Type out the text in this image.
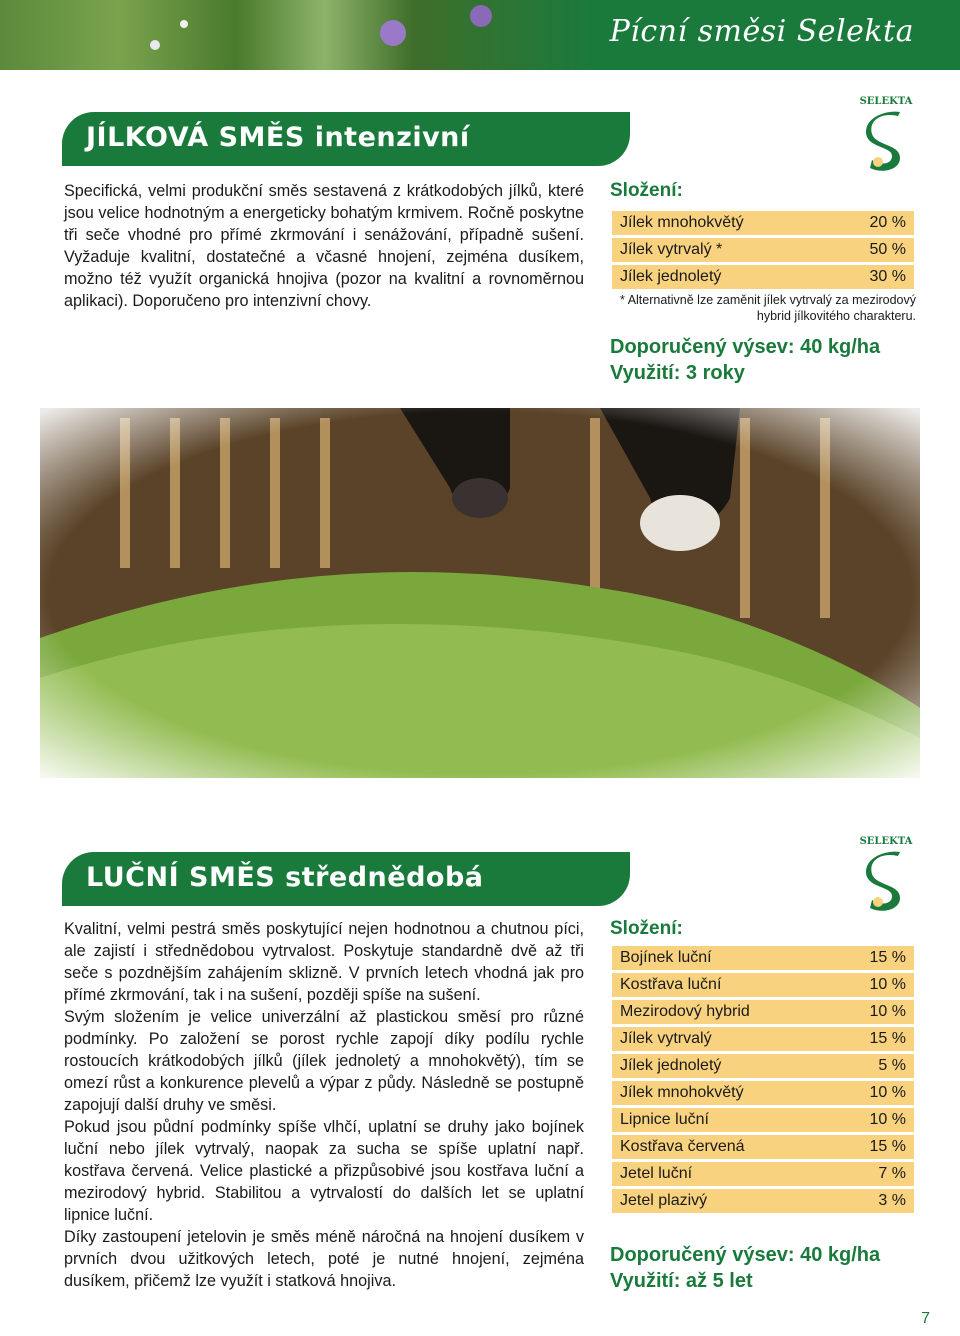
Pícní směsi Selekta
JÍLKOVÁ SMĚS intenzivní
SELEKTA

Specifická, velmi produkční směs sestavená z krátkodobých jílků, které jsou velice hodnotným a energeticky bohatým krmivem. Ročně poskytne tři seče vhodné pro přímé zkrmování i senážování, případně sušení. Vyžaduje kvalitní, dostatečné a včasné hnojení, zejména dusíkem, možno též využít organická hnojiva (pozor na kvalitní a rovnoměrnou aplikaci). Doporučeno pro intenzivní chovy.

Složení:
Jílek mnohokvětý	20 %
Jílek vytrvalý *	50 %
Jílek jednoletý	30 %
* Alternativně lze zaměnit jílek vytrvalý za mezirodový hybrid jílkovitého charakteru.
Doporučený výsev: 40 kg/ha
Využití: 3 roky
LUČNÍ SMĚS střednědobá
SELEKTA

Kvalitní, velmi pestrá směs poskytující nejen hodnotnou a chutnou píci, ale zajistí i střednědobou vytrvalost. Poskytuje standardně dvě až tři seče s pozdnějším zahájením sklizně. V prvních letech vhodná jak pro přímé zkrmování, tak i na sušení, později spíše na sušení.

Svým složením je velice univerzální až plastickou směsí pro různé podmínky. Po založení se porost rychle zapojí díky podílu rychle rostoucích krátkodobých jílků (jílek jednoletý a mnohokvětý), tím se omezí růst a konkurence plevelů a výpar z půdy. Následně se postupně zapojují další druhy ve směsi.

Pokud jsou půdní podmínky spíše vlhčí, uplatní se druhy jako bojínek luční nebo jílek vytrvalý, naopak za sucha se spíše uplatní např. kostřava červená. Velice plastické a přizpůsobivé jsou kostřava luční a mezirodový hybrid. Stabilitou a vytrvalostí do dalších let se uplatní lipnice luční.

Díky zastoupení jetelovin je směs méně náročná na hnojení dusíkem v prvních dvou užitkových letech, poté je nutné hnojení, zejména dusíkem, přičemž lze využít i statková hnojiva.

Složení:
Bojínek luční	15 %
Kostřava luční	10 %
Mezirodový hybrid	10 %
Jílek vytrvalý	15 %
Jílek jednoletý	5 %
Jílek mnohokvětý	10 %
Lipnice luční	10 %
Kostřava červená	15 %
Jetel luční	7 %
Jetel plazivý	3 %
Doporučený výsev: 40 kg/ha
Využití: až 5 let
7
